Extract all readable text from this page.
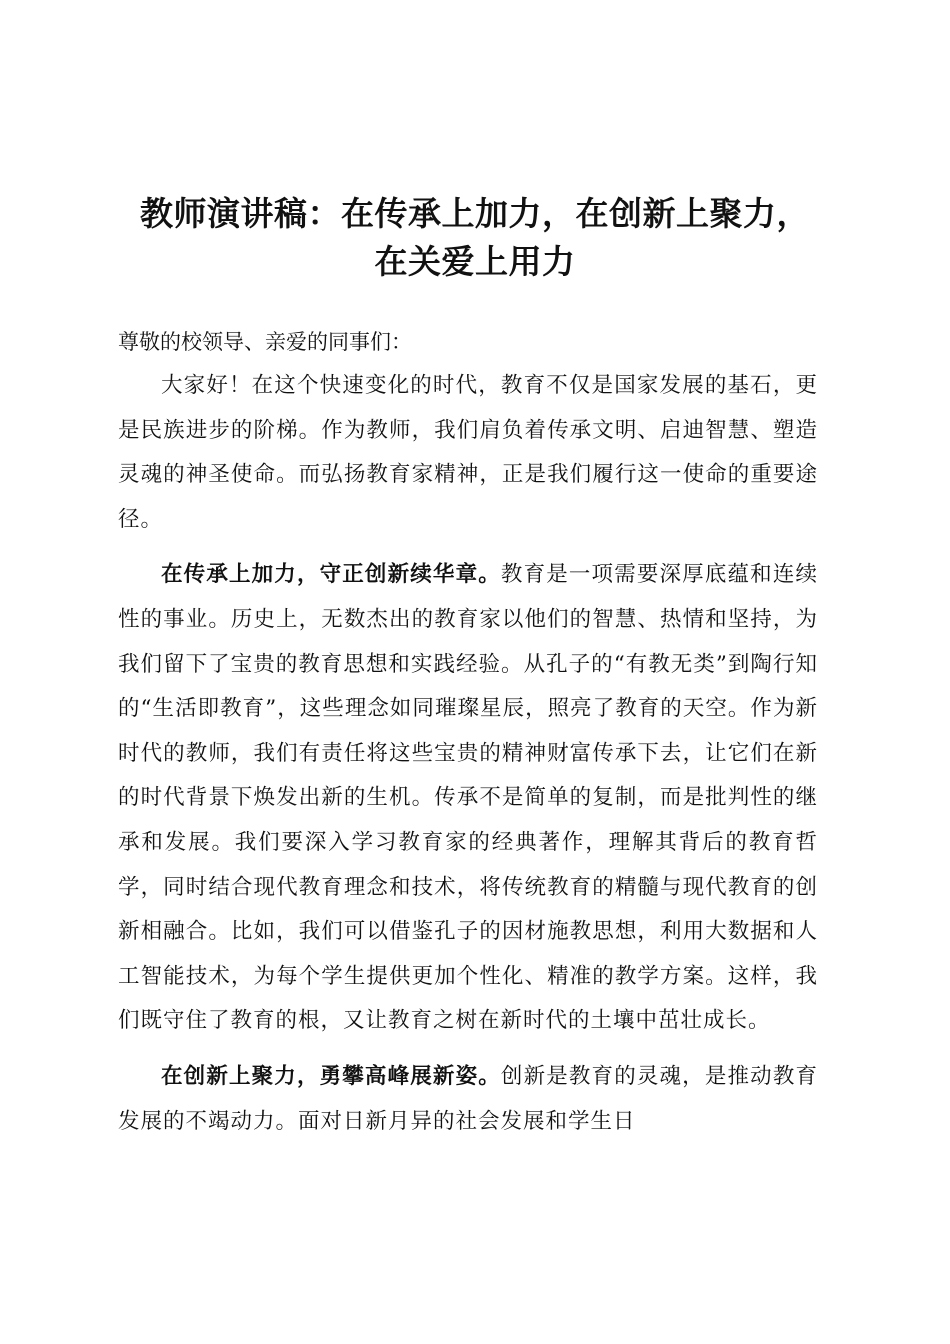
教师演讲稿：在传承上加力，在创新上聚力，
在关爱上用力

尊敬的校领导、亲爱的同事们：

大家好！在这个快速变化的时代，教育不仅是国家发展的基石，更是民族进步的阶梯。作为教师，我们肩负着传承文明、启迪智慧、塑造灵魂的神圣使命。而弘扬教育家精神，正是我们履行这一使命的重要途径。

在传承上加力，守正创新续华章。教育是一项需要深厚底蕴和连续性的事业。历史上，无数杰出的教育家以他们的智慧、热情和坚持，为我们留下了宝贵的教育思想和实践经验。从孔子的“有教无类”到陶行知的“生活即教育”，这些理念如同璀璨星辰，照亮了教育的天空。作为新时代的教师，我们有责任将这些宝贵的精神财富传承下去，让它们在新的时代背景下焕发出新的生机。传承不是简单的复制，而是批判性的继承和发展。我们要深入学习教育家的经典著作，理解其背后的教育哲学，同时结合现代教育理念和技术，将传统教育的精髓与现代教育的创新相融合。比如，我们可以借鉴孔子的因材施教思想，利用大数据和人工智能技术，为每个学生提供更加个性化、精准的教学方案。这样，我们既守住了教育的根，又让教育之树在新时代的土壤中茁壮成长。

在创新上聚力，勇攀高峰展新姿。创新是教育的灵魂，是推动教育发展的不竭动力。面对日新月异的社会发展和学生日
